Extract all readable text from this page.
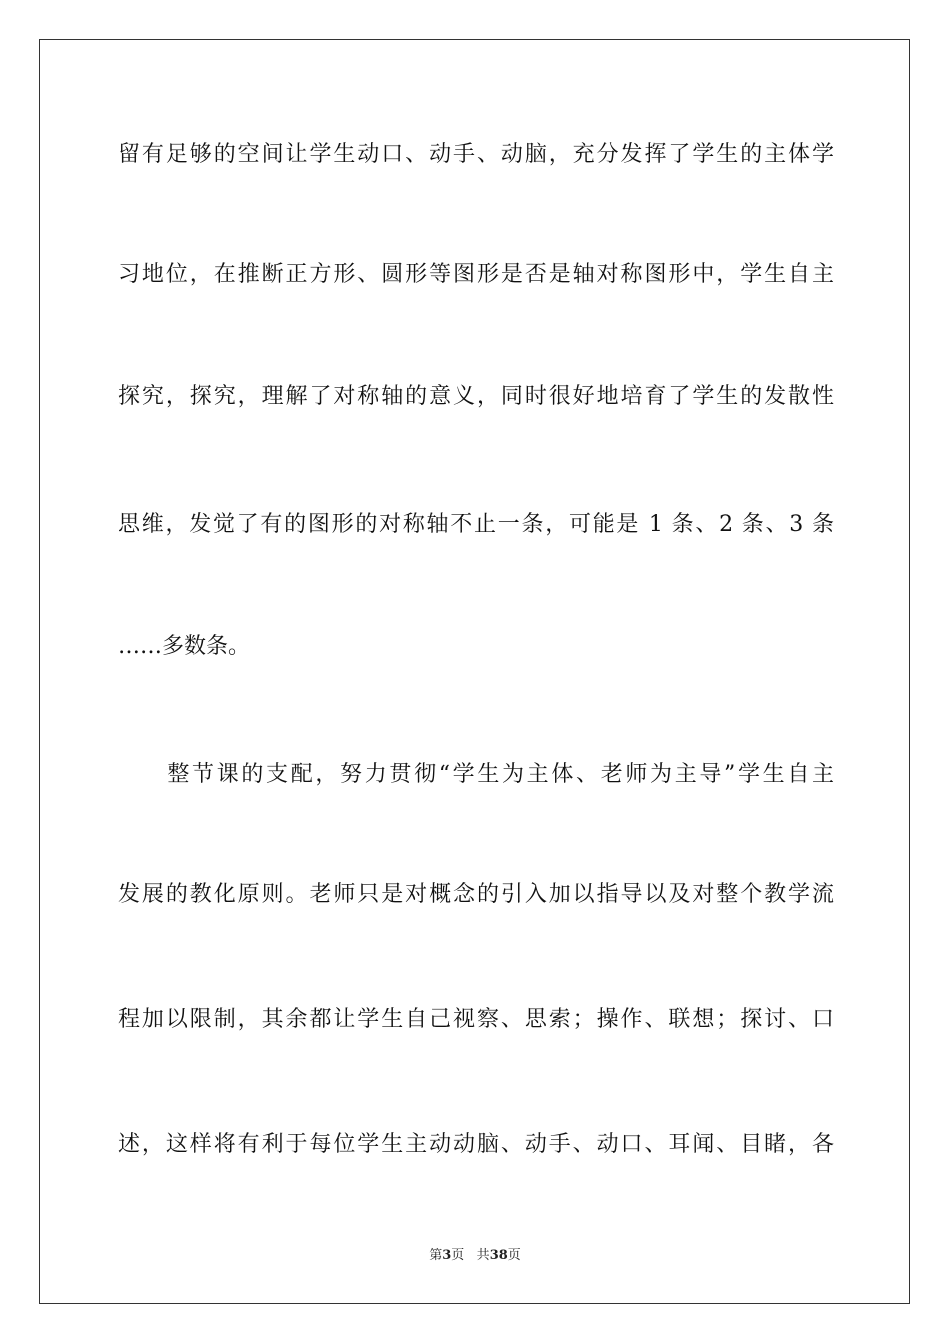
留有足够的空间让学生动口、动手、动脑，充分发挥了学生的主体学
习地位，在推断正方形、圆形等图形是否是轴对称图形中，学生自主
探究，探究，理解了对称轴的意义，同时很好地培育了学生的发散性
思维，发觉了有的图形的对称轴不止一条，可能是 1 条、2 条、3 条
……多数条。
　　整节课的支配，努力贯彻“学生为主体、老师为主导”学生自主
发展的教化原则。老师只是对概念的引入加以指导以及对整个教学流
程加以限制，其余都让学生自己视察、思索；操作、联想；探讨、口
述，这样将有利于每位学生主动动脑、动手、动口、耳闻、目睹，各
第3页 共38页
